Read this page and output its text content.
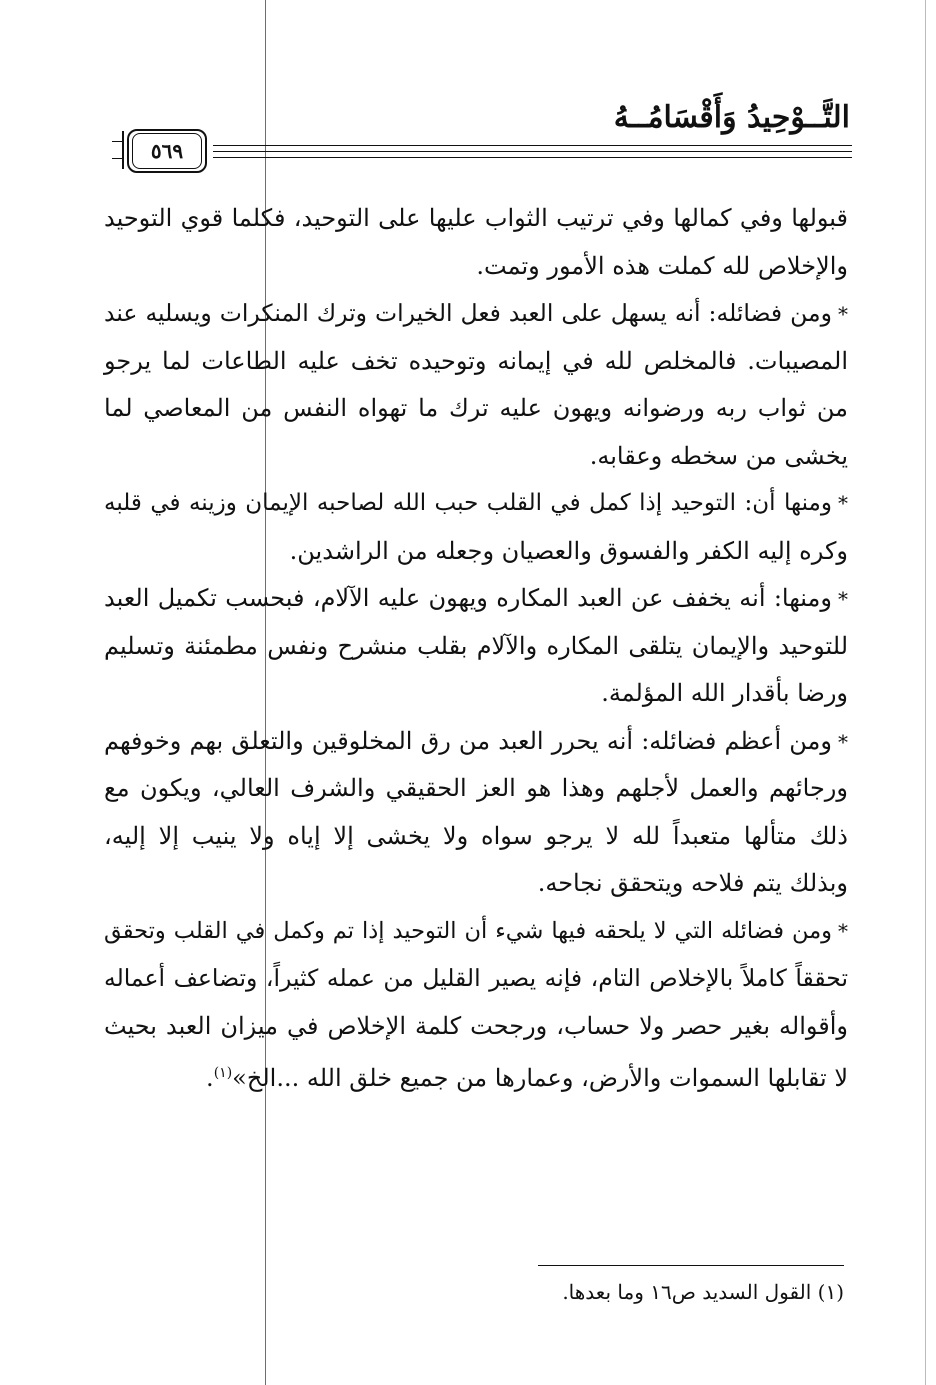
التَّــوْحِيدُ وَأَقْسَامُــهُ
٥٦٩
قبولها وفي كمالها وفي ترتيب الثواب عليها على التوحيد، فكلما قوي التوحيد
والإخلاص لله كملت هذه الأمور وتمت.
*ومن فضائله: أنه يسهل على العبد فعل الخيرات وترك المنكرات ويسليه عند
المصيبات. فالمخلص لله في إيمانه وتوحيده تخف عليه الطاعات لما يرجو
من ثواب ربه ورضوانه ويهون عليه ترك ما تهواه النفس من المعاصي لما
يخشى من سخطه وعقابه.
*ومنها أن: التوحيد إذا كمل في القلب حبب الله لصاحبه الإيمان وزينه في قلبه
وكره إليه الكفر والفسوق والعصيان وجعله من الراشدين.
*ومنها: أنه يخفف عن العبد المكاره ويهون عليه الآلام، فبحسب تكميل العبد
للتوحيد والإيمان يتلقى المكاره والآلام بقلب منشرح ونفس مطمئنة وتسليم
ورضا بأقدار الله المؤلمة.
*ومن أعظم فضائله: أنه يحرر العبد من رق المخلوقين والتعلق بهم وخوفهم
ورجائهم والعمل لأجلهم وهذا هو العز الحقيقي والشرف العالي، ويكون مع
ذلك متألها متعبداً لله لا يرجو سواه ولا يخشى إلا إياه ولا ينيب إلا إليه،
وبذلك يتم فلاحه ويتحقق نجاحه.
*ومن فضائله التي لا يلحقه فيها شيء أن التوحيد إذا تم وكمل في القلب وتحقق
تحققاً كاملاً بالإخلاص التام، فإنه يصير القليل من عمله كثيراً، وتضاعف أعماله
وأقواله بغير حصر ولا حساب، ورجحت كلمة الإخلاص في ميزان العبد بحيث
لا تقابلها السموات والأرض، وعمارها من جميع خلق الله ...الخ»$^{(١)}$.
(١) القول السديد ص١٦ وما بعدها.
